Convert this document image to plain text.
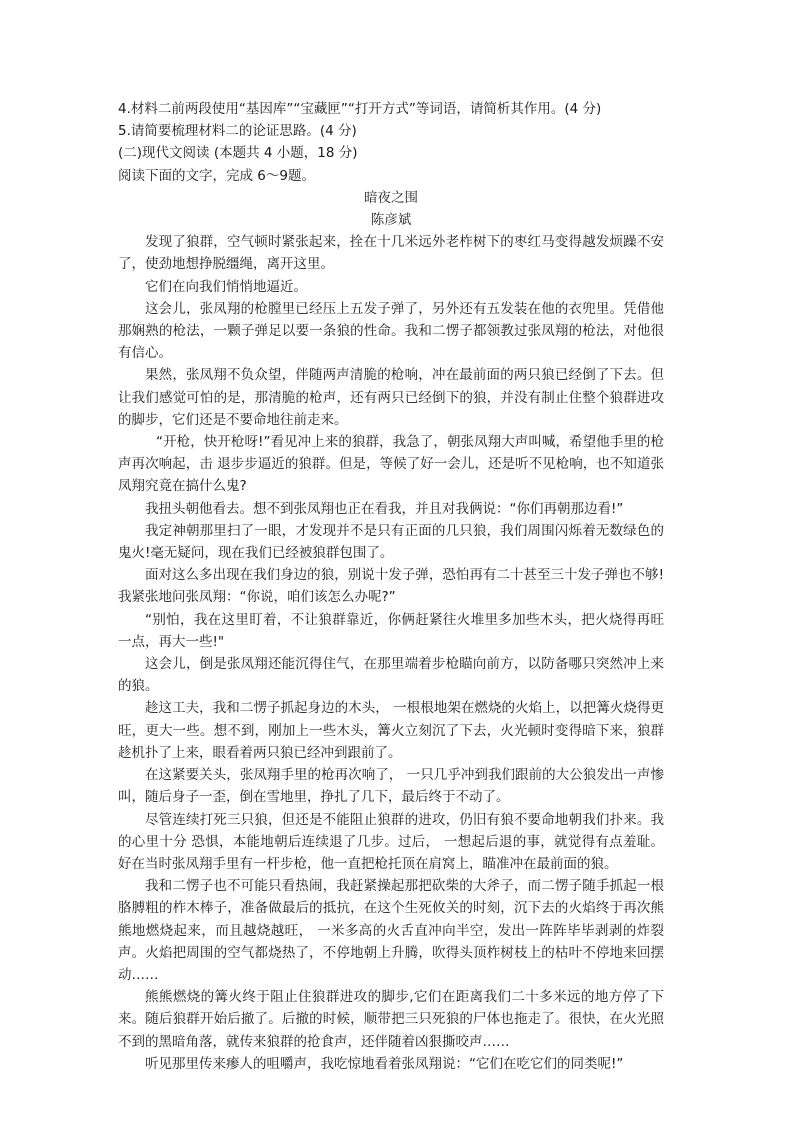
4.材料二前两段使用“基因库”“宝藏匣”“打开方式”等词语，请简析其作用。(4 分)
5.请简要梳理材料二的论证思路。(4 分)
(二)现代文阅读 (本题共 4 小题，18 分)
阅读下面的文字，完成 6～9题。
暗夜之围
陈彦斌
发现了狼群，空气顿时紧张起来，拴在十几米远外老柞树下的枣红马变得越发烦躁不安了，使劲地想挣脱缰绳，离开这里。
它们在向我们悄悄地逼近。
这会儿，张凤翔的枪膛里已经压上五发子弹了，另外还有五发装在他的衣兜里。凭借他那娴熟的枪法，一颗子弹足以要一条狼的性命。我和二愣子都领教过张凤翔的枪法，对他很有信心。
果然，张凤翔不负众望，伴随两声清脆的枪响，冲在最前面的两只狼已经倒了下去。但让我们感觉可怕的是，那清脆的枪声，还有两只已经倒下的狼，并没有制止住整个狼群进攻的脚步，它们还是不要命地往前走来。
“开枪，快开枪呀!”看见冲上来的狼群，我急了，朝张凤翔大声叫喊，希望他手里的枪声再次响起，击 退步步逼近的狼群。但是，等候了好一会儿，还是听不见枪响，也不知道张凤翔究竟在搞什么鬼?
我扭头朝他看去。想不到张凤翔也正在看我，并且对我俩说：“你们再朝那边看!”
我定神朝那里扫了一眼，才发现并不是只有正面的几只狼，我们周围闪烁着无数绿色的鬼火!毫无疑问，现在我们已经被狼群包围了。
面对这么多出现在我们身边的狼，别说十发子弹，恐怕再有二十甚至三十发子弹也不够!我紧张地问张凤翔：“你说，咱们该怎么办呢?”
“别怕，我在这里盯着，不让狼群靠近，你俩赶紧往火堆里多加些木头，把火烧得再旺一点，再大一些!"
这会儿，倒是张凤翔还能沉得住气，在那里端着步枪瞄向前方，以防备哪只突然冲上来的狼。
趁这工夫，我和二愣子抓起身边的木头， 一根根地架在燃烧的火焰上，以把篝火烧得更旺，更大一些。想不到，刚加上一些木头，篝火立刻沉了下去，火光顿时变得暗下来，狼群趁机扑了上来，眼看着两只狼已经冲到跟前了。
在这紧要关头，张凤翔手里的枪再次响了， 一只几乎冲到我们跟前的大公狼发出一声惨叫，随后身子一歪，倒在雪地里，挣扎了几下，最后终于不动了。
尽管连续打死三只狼，但还是不能阻止狼群的进攻，仍旧有狼不要命地朝我们扑来。我的心里十分 恐惧，本能地朝后连续退了几步。过后， 一想起后退的事，就觉得有点羞耻。好在当时张凤翔手里有一杆步枪，他一直把枪托顶在肩窝上，瞄准冲在最前面的狼。
我和二愣子也不可能只看热闹，我赶紧操起那把砍柴的大斧子，而二愣子随手抓起一根胳膊粗的柞木棒子，准备做最后的抵抗，在这个生死攸关的时刻，沉下去的火焰终于再次熊熊地燃烧起来，而且越烧越旺， 一米多高的火舌直冲向半空，发出一阵阵毕毕剥剥的炸裂声。火焰把周围的空气都烧热了，不停地朝上升腾，吹得头顶柞树枝上的枯叶不停地来回摆动……
熊熊燃烧的篝火终于阻止住狼群进攻的脚步,它们在距离我们二十多米远的地方停了下来。随后狼群开始后撤了。后撤的时候，顺带把三只死狼的尸体也拖走了。很快，在火光照不到的黑暗角落，就传来狼群的抢食声，还伴随着凶狠撕咬声……
听见那里传来瘆人的咀嚼声，我吃惊地看着张凤翔说：“它们在吃它们的同类呢!”
